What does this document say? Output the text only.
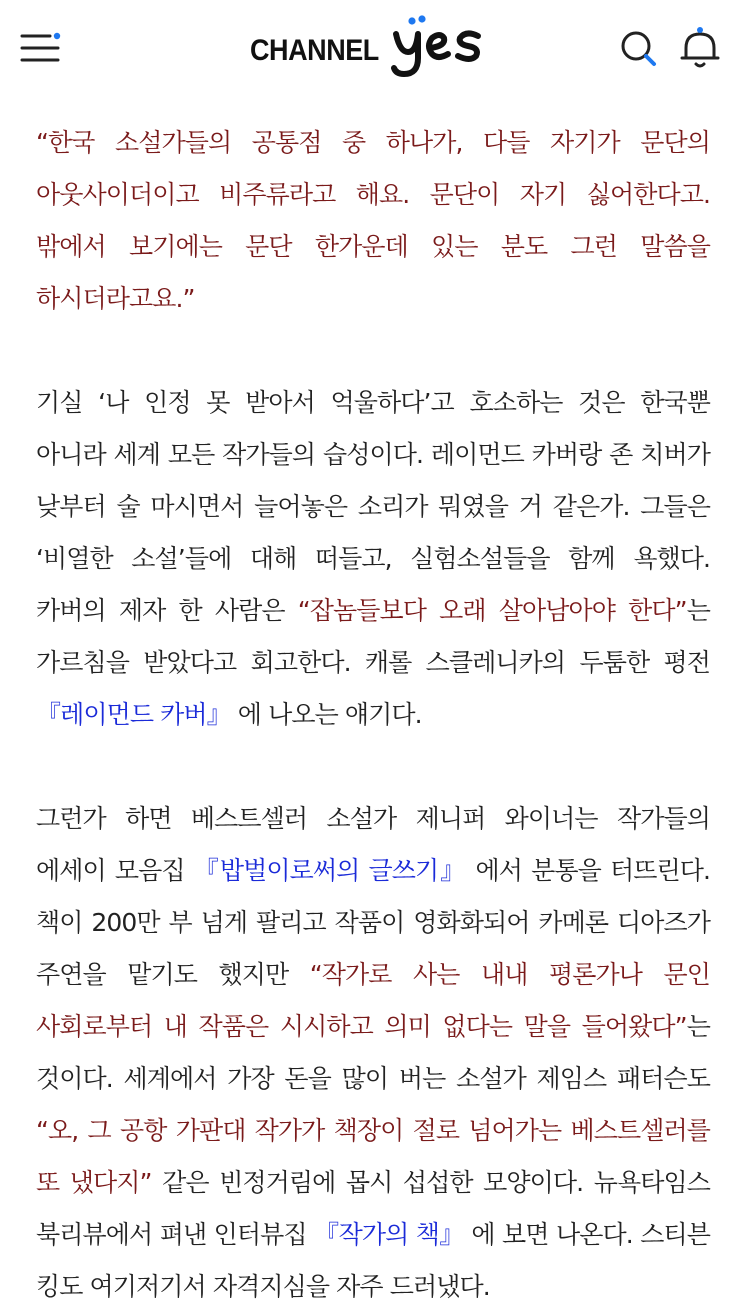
CHANNEL

“한국 소설가들의 공통점 중 하나가, 다들 자기가 문단의 아웃사이더이고 비주류라고 해요. 문단이 자기 싫어한다고. 밖에서 보기에는 문단 한가운데 있는 분도 그런 말씀을 하시더라고요.”

기실 ‘나 인정 못 받아서 억울하다’고 호소하는 것은 한국뿐 아니라 세계 모든 작가들의 습성이다. 레이먼드 카버랑 존 치버가 낮부터 술 마시면서 늘어놓은 소리가 뭐였을 거 같은가. 그들은 ‘비열한 소설’들에 대해 떠들고, 실험소설들을 함께 욕했다. 카버의 제자 한 사람은 “잡놈들보다 오래 살아남아야 한다”는 가르침을 받았다고 회고한다. 캐롤 스클레니카의 두툼한 평전 『레이먼드 카버』 에 나오는 얘기다.

그런가 하면 베스트셀러 소설가 제니퍼 와이너는 작가들의 에세이 모음집 『밥벌이로써의 글쓰기』 에서 분통을 터뜨린다. 책이 200만 부 넘게 팔리고 작품이 영화화되어 카메론 디아즈가 주연을 맡기도 했지만 “작가로 사는 내내 평론가나 문인 사회로부터 내 작품은 시시하고 의미 없다는 말을 들어왔다”는 것이다. 세계에서 가장 돈을 많이 버는 소설가 제임스 패터슨도 “오, 그 공항 가판대 작가가 책장이 절로 넘어가는 베스트셀러를 또 냈다지” 같은 빈정거림에 몹시 섭섭한 모양이다. 뉴욕타임스 북리뷰에서 펴낸 인터뷰집 『작가의 책』 에 보면 나온다. 스티븐 킹도 여기저기서 자격지심을 자주 드러냈다.
